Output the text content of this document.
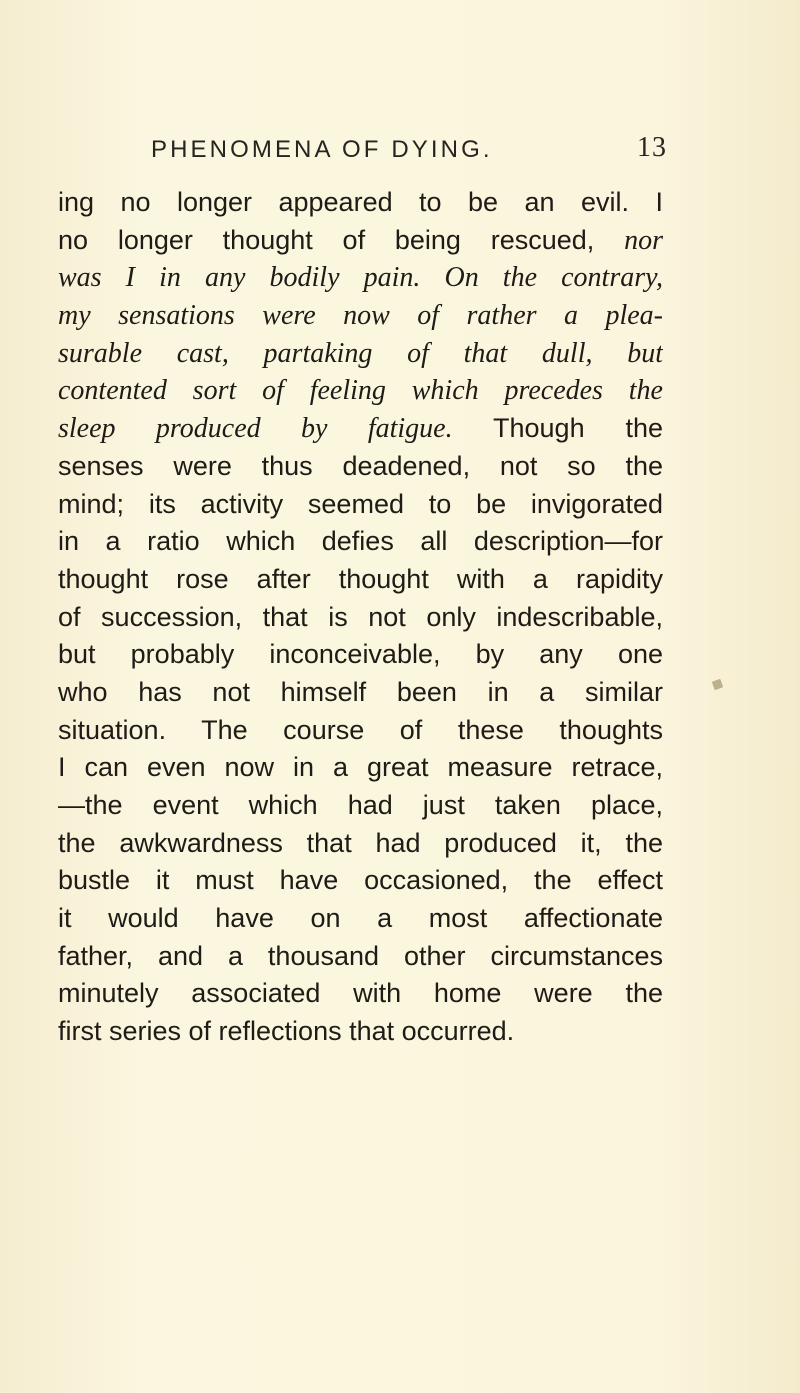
PHENOMENA OF DYING.	13
ing no longer appeared to be an evil. I
no longer thought of being rescued, nor
was I in any bodily pain. On the contrary,
my sensations were now of rather a plea-
surable cast, partaking of that dull, but
contented sort of feeling which precedes the
sleep produced by fatigue. Though the
senses were thus deadened, not so the
mind; its activity seemed to be invigorated
in a ratio which defies all description—for
thought rose after thought with a rapidity
of succession, that is not only indescribable,
but probably inconceivable, by any one
who has not himself been in a similar
situation. The course of these thoughts
I can even now in a great measure retrace,
—the event which had just taken place,
the awkwardness that had produced it, the
bustle it must have occasioned, the effect
it would have on a most affectionate
father, and a thousand other circumstances
minutely associated with home were the
first series of reflections that occurred.
